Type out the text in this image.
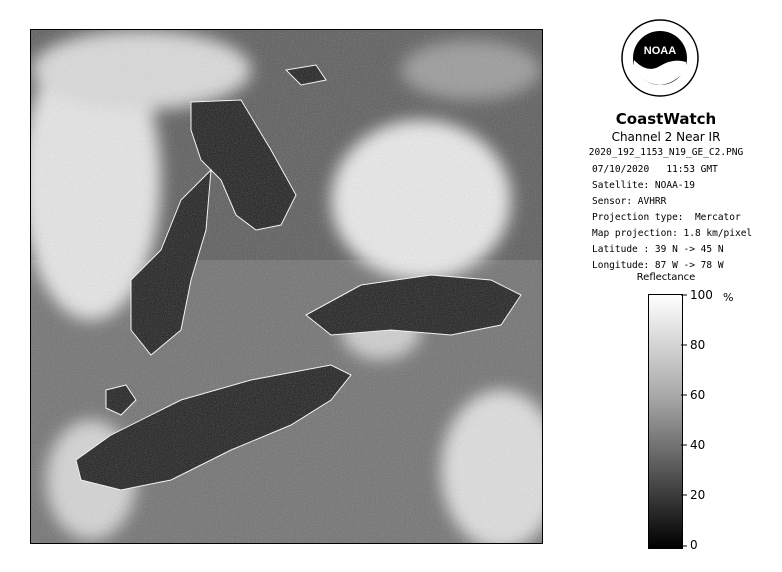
NOAA
CoastWatch
Channel 2 Near IR
2020_192_1153_N19_GE_C2.PNG
07/10/2020   11:53 GMT
Satellite: NOAA-19
Sensor: AVHRR
Projection type:  Mercator
Map projection: 1.8 km/pixel
Latitude : 39 N -> 45 N
Longitude: 87 W -> 78 W
Reflectance
100
80
60
40
20
0
%
